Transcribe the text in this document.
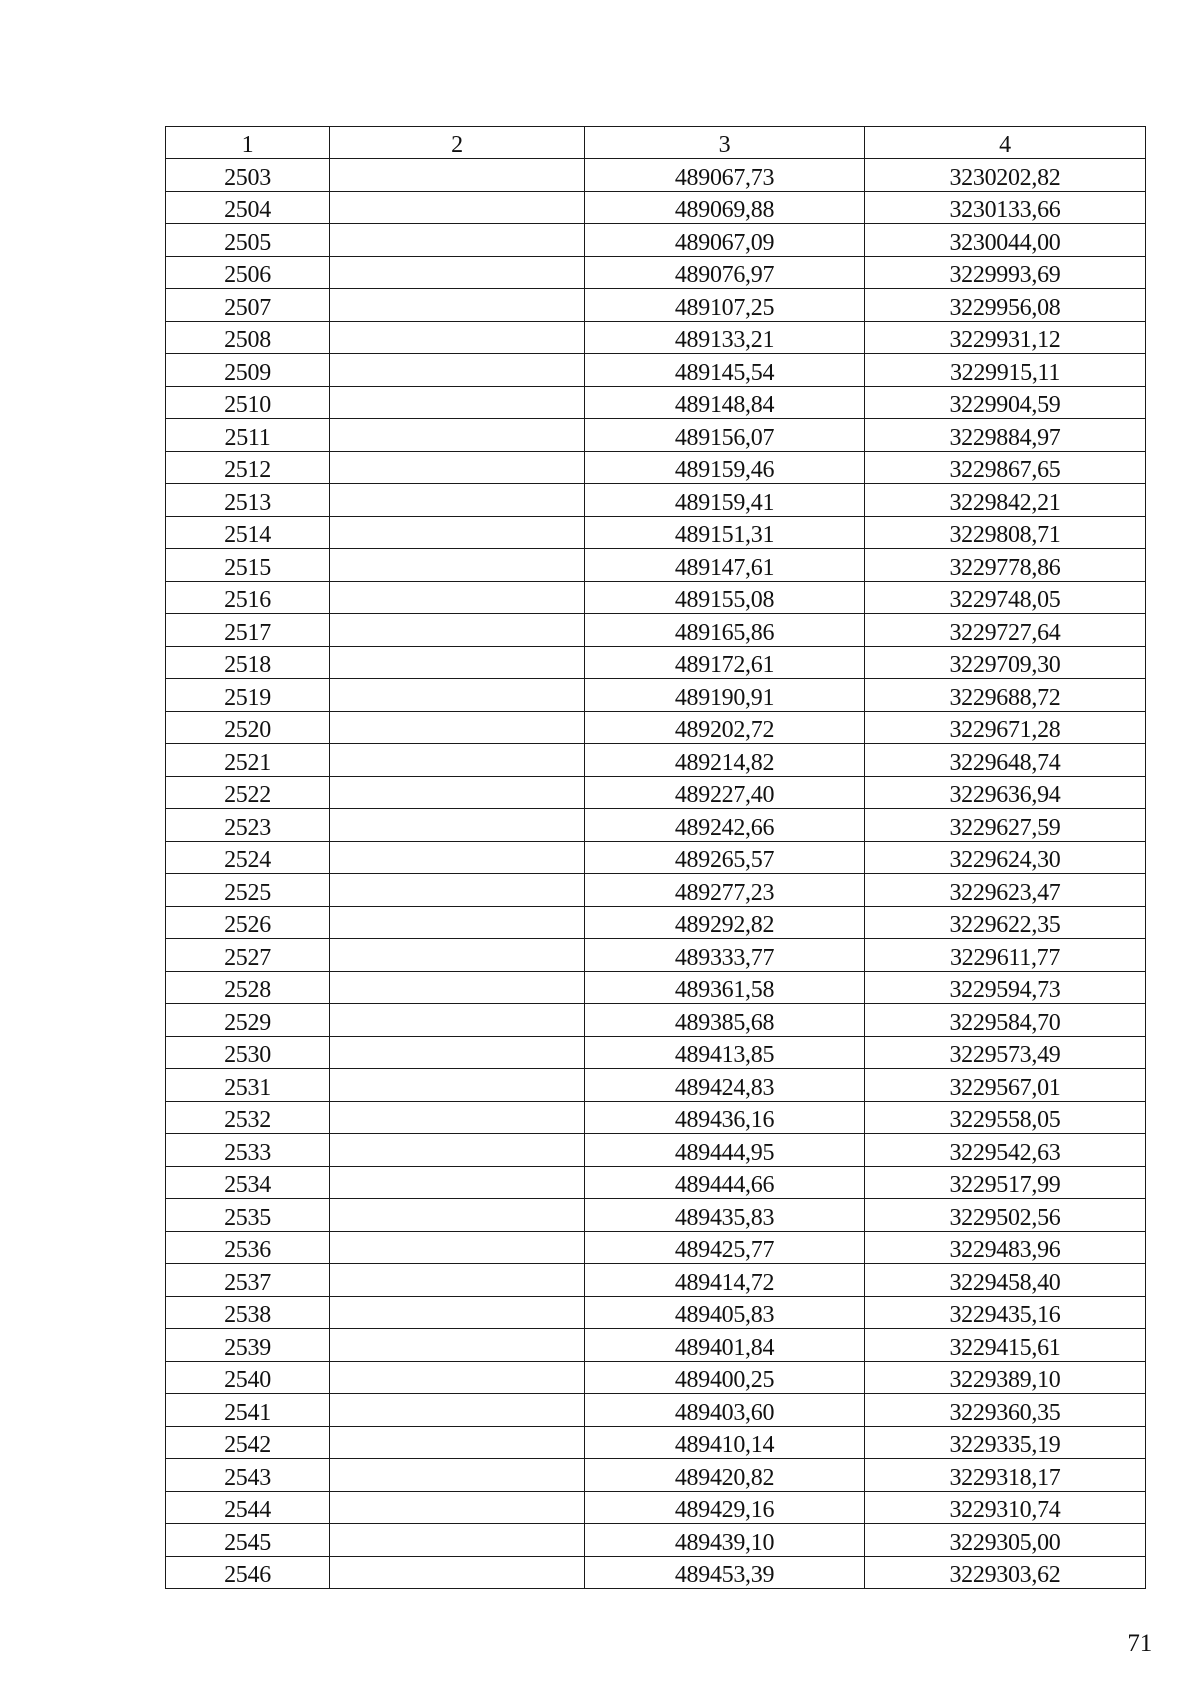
1	2	3	4
2503		489067,73	3230202,82
2504		489069,88	3230133,66
2505		489067,09	3230044,00
2506		489076,97	3229993,69
2507		489107,25	3229956,08
2508		489133,21	3229931,12
2509		489145,54	3229915,11
2510		489148,84	3229904,59
2511		489156,07	3229884,97
2512		489159,46	3229867,65
2513		489159,41	3229842,21
2514		489151,31	3229808,71
2515		489147,61	3229778,86
2516		489155,08	3229748,05
2517		489165,86	3229727,64
2518		489172,61	3229709,30
2519		489190,91	3229688,72
2520		489202,72	3229671,28
2521		489214,82	3229648,74
2522		489227,40	3229636,94
2523		489242,66	3229627,59
2524		489265,57	3229624,30
2525		489277,23	3229623,47
2526		489292,82	3229622,35
2527		489333,77	3229611,77
2528		489361,58	3229594,73
2529		489385,68	3229584,70
2530		489413,85	3229573,49
2531		489424,83	3229567,01
2532		489436,16	3229558,05
2533		489444,95	3229542,63
2534		489444,66	3229517,99
2535		489435,83	3229502,56
2536		489425,77	3229483,96
2537		489414,72	3229458,40
2538		489405,83	3229435,16
2539		489401,84	3229415,61
2540		489400,25	3229389,10
2541		489403,60	3229360,35
2542		489410,14	3229335,19
2543		489420,82	3229318,17
2544		489429,16	3229310,74
2545		489439,10	3229305,00
2546		489453,39	3229303,62
71
